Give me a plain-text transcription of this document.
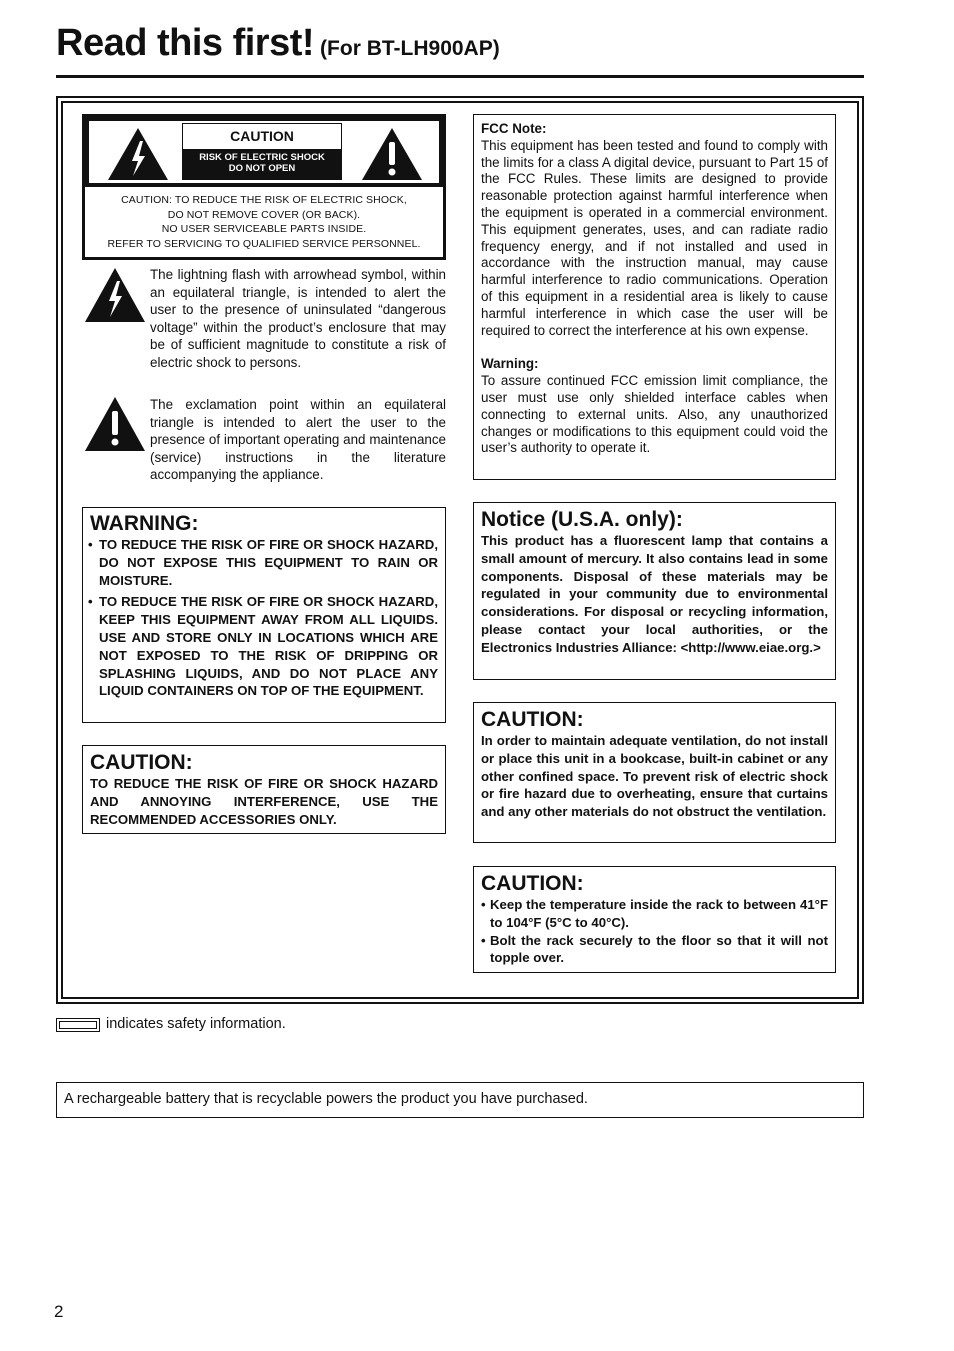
Read this first! (For BT-LH900AP)
CAUTION
RISK OF ELECTRIC SHOCK
DO NOT OPEN
CAUTION: TO REDUCE THE RISK OF ELECTRIC SHOCK,
DO NOT REMOVE COVER (OR BACK).
NO USER SERVICEABLE PARTS INSIDE.
REFER TO SERVICING TO QUALIFIED SERVICE PERSONNEL.
The lightning flash with arrowhead symbol, within an equilateral triangle, is intended to alert the user to the presence of uninsulated “dangerous voltage” within the product’s enclosure that may be of sufficient magnitude to constitute a risk of electric shock to persons.
The exclamation point within an equilateral triangle is intended to alert the user to the presence of important operating and maintenance (service) instructions in the literature accompanying the appliance.
FCC Note:
This equipment has been tested and found to comply with the limits for a class A digital device, pursuant to Part 15 of the FCC Rules. These limits are designed to provide reasonable protection against harmful interference when the equipment is operated in a commercial environment. This equipment generates, uses, and can radiate radio frequency energy, and if not installed and used in accordance with the instruction manual, may cause harmful interference to radio communications. Operation of this equipment in a residential area is likely to cause harmful interference in which case the user will be required to correct the interference at his own expense.
Warning:
To assure continued FCC emission limit compliance, the user must use only shielded interface cables when connecting to external units. Also, any unauthorized changes or modifications to this equipment could void the user’s authority to operate it.
WARNING:
• TO REDUCE THE RISK OF FIRE OR SHOCK HAZARD, DO NOT EXPOSE THIS EQUIPMENT TO RAIN OR MOISTURE.
• TO REDUCE THE RISK OF FIRE OR SHOCK HAZARD, KEEP THIS EQUIPMENT AWAY FROM ALL LIQUIDS. USE AND STORE ONLY IN LOCATIONS WHICH ARE NOT EXPOSED TO THE RISK OF DRIPPING OR SPLASHING LIQUIDS, AND DO NOT PLACE ANY LIQUID CONTAINERS ON TOP OF THE EQUIPMENT.
CAUTION:
TO REDUCE THE RISK OF FIRE OR SHOCK HAZARD AND ANNOYING INTERFERENCE, USE THE RECOMMENDED ACCESSORIES ONLY.
Notice (U.S.A. only):
This product has a fluorescent lamp that contains a small amount of mercury. It also contains lead in some components. Disposal of these materials may be regulated in your community due to environmental considerations. For disposal or recycling information, please contact your local authorities, or the Electronics Industries Alliance: <http://www.eiae.org.>
CAUTION:
In order to maintain adequate ventilation, do not install or place this unit in a bookcase, built-in cabinet or any other confined space. To prevent risk of electric shock or fire hazard due to overheating, ensure that curtains and any other materials do not obstruct the ventilation.
CAUTION:
• Keep the temperature inside the rack to between 41°F to 104°F (5°C to 40°C).
• Bolt the rack securely to the floor so that it will not topple over.
indicates safety information.
A rechargeable battery that is recyclable powers the product you have purchased.
2
